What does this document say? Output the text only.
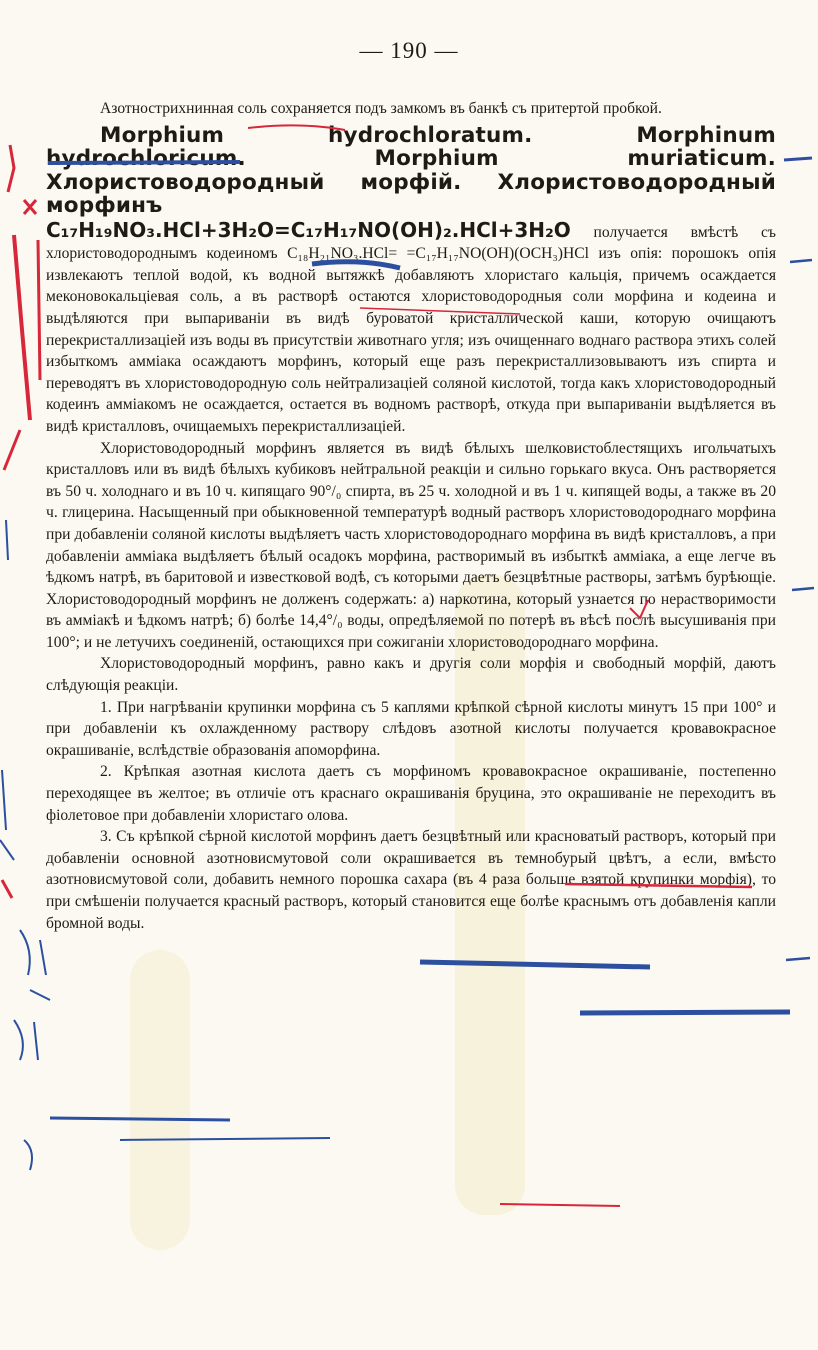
— 190 —

Азотнострихнинная соль сохраняется подъ замкомъ въ банкѣ съ притертой пробкой.

Morphium hydrochloratum. Morphinum hydrochloricum. Morphium muriaticum. Хлористоводородный морфій. Хлористоводородный морфинъ

C₁₇H₁₉NO₃.HCl+3H₂O=C₁₇H₁₇NO(OH)₂.HCl+3H₂O получается вмѣстѣ съ хлористоводороднымъ кодеиномъ C₁₈H₂₁NO₃.HCl= =C₁₇H₁₇NO(OH)(OCH₃)HCl изъ опія: порошокъ опія извлекаютъ теплой водой, къ водной вытяжкѣ добавляютъ хлористаго кальція, причемъ осаждается меконовокальціевая соль, а въ растворѣ остаются хлористоводородныя соли морфина и кодеина и выдѣляются при выпариваніи въ видѣ буроватой кристаллической каши, которую очищаютъ перекристаллизаціей изъ воды въ присутствіи животнаго угля; изъ очищеннаго воднаго раствора этихъ солей избыткомъ амміака осаждаютъ морфинъ, который еще разъ перекристаллизовываютъ изъ спирта и переводятъ въ хлористоводородную соль нейтрализаціей соляной кислотой, тогда какъ хлористоводородный кодеинъ амміакомъ не осаждается, остается въ водномъ растворѣ, откуда при выпариваніи выдѣляется въ видѣ кристалловъ, очищаемыхъ перекристаллизаціей.

Хлористоводородный морфинъ является въ видѣ бѣлыхъ шелковистоблестящихъ игольчатыхъ кристалловъ или въ видѣ бѣлыхъ кубиковъ нейтральной реакціи и сильно горькаго вкуса. Онъ растворяется въ 50 ч. холоднаго и въ 10 ч. кипящаго 90°/₀ спирта, въ 25 ч. холодной и въ 1 ч. кипящей воды, а также въ 20 ч. глицерина. Насыщенный при обыкновенной температурѣ водный растворъ хлористоводороднаго морфина при добавленіи соляной кислоты выдѣляетъ часть хлористоводороднаго морфина въ видѣ кристалловъ, а при добавленіи амміака выдѣляетъ бѣлый осадокъ морфина, растворимый въ избыткѣ амміака, а еще легче въ ѣдкомъ натрѣ, въ баритовой и известковой водѣ, съ которыми даетъ безцвѣтные растворы, затѣмъ бурѣющіе. Хлористоводородный морфинъ не долженъ содержать: а) наркотина, который узнается по нерастворимости въ амміакѣ и ѣдкомъ натрѣ; б) болѣе 14,4°/₀ воды, опредѣляемой по потерѣ въ вѣсѣ послѣ высушиванія при 100°; и не летучихъ соединеній, остающихся при сожиганіи хлористоводороднаго морфина.

Хлористоводородный морфинъ, равно какъ и другія соли морфія и свободный морфій, даютъ слѣдующія реакціи.

1. При нагрѣваніи крупинки морфина съ 5 каплями крѣпкой сѣрной кислоты минутъ 15 при 100° и при добавленіи къ охлажденному раствору слѣдовъ азотной кислоты получается кровавокрасное окрашиваніе, вслѣдствіе образованія апоморфина.

2. Крѣпкая азотная кислота даетъ съ морфиномъ кровавокрасное окрашиваніе, постепенно переходящее въ желтое; въ отличіе отъ краснаго окрашиванія бруцина, это окрашиваніе не переходитъ въ фіолетовое при добавленіи хлористаго олова.

3. Съ крѣпкой сѣрной кислотой морфинъ даетъ безцвѣтный или красноватый растворъ, который при добавленіи основной азотновисмутовой соли окрашивается въ темнобурый цвѣтъ, а если, вмѣсто азотновисмутовой соли, добавить немного порошка сахара (въ 4 раза больше взятой крупинки морфія), то при смѣшеніи получается красный растворъ, который становится еще болѣе краснымъ отъ добавленія капли бромной воды.
